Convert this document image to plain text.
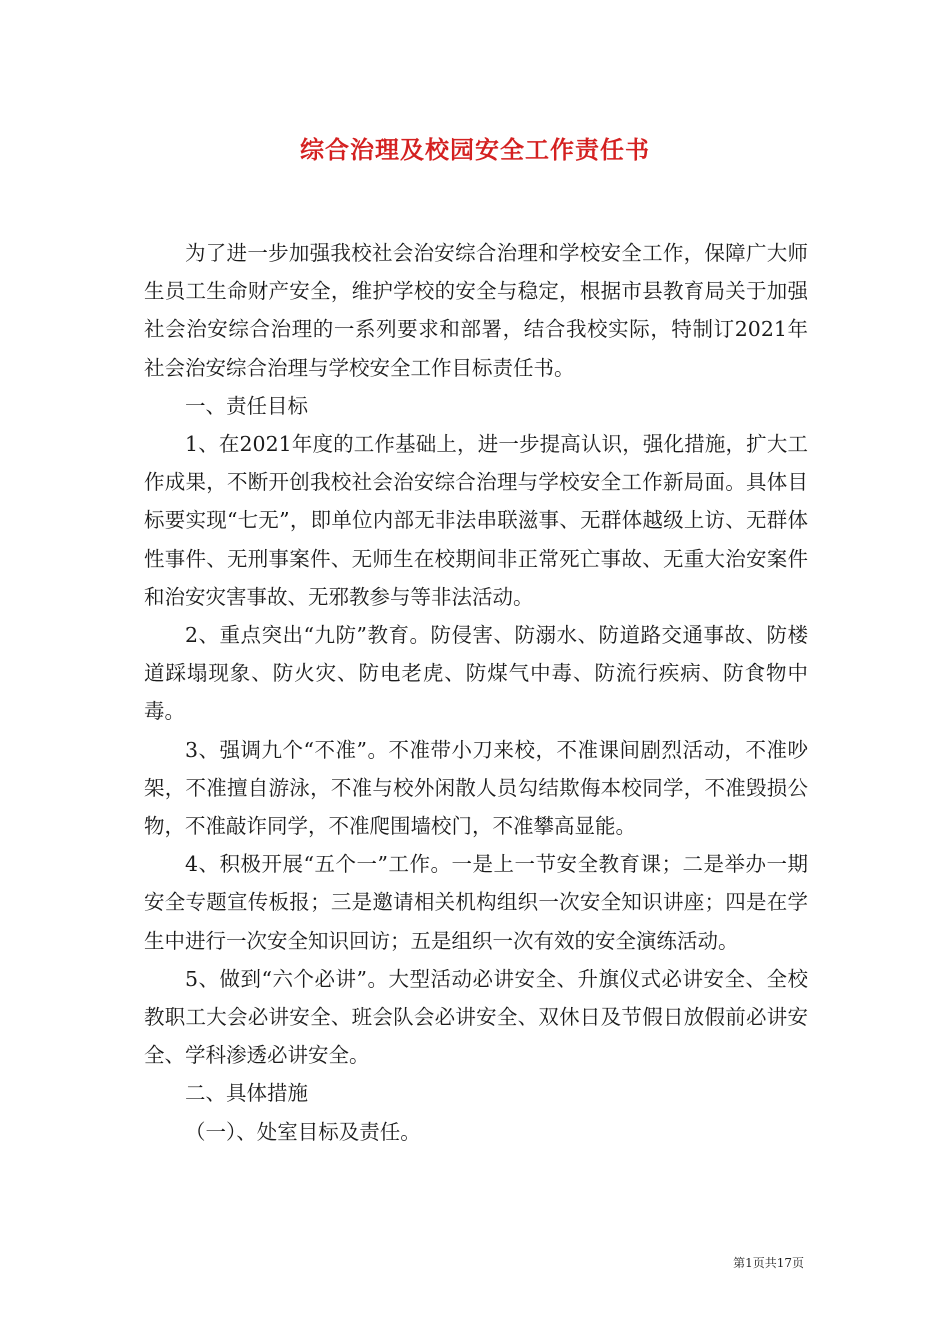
综合治理及校园安全工作责任书

为了进一步加强我校社会治安综合治理和学校安全工作，保障广大师生员工生命财产安全，维护学校的安全与稳定，根据市县教育局关于加强社会治安综合治理的一系列要求和部署，结合我校实际，特制订2021年社会治安综合治理与学校安全工作目标责任书。

一、责任目标

1、在2021年度的工作基础上，进一步提高认识，强化措施，扩大工作成果，不断开创我校社会治安综合治理与学校安全工作新局面。具体目标要实现“七无”，即单位内部无非法串联滋事、无群体越级上访、无群体性事件、无刑事案件、无师生在校期间非正常死亡事故、无重大治安案件和治安灾害事故、无邪教参与等非法活动。

2、重点突出“九防”教育。防侵害、防溺水、防道路交通事故、防楼道踩塌现象、防火灾、防电老虎、防煤气中毒、防流行疾病、防食物中毒。

3、强调九个“不准”。不准带小刀来校，不准课间剧烈活动，不准吵架，不准擅自游泳，不准与校外闲散人员勾结欺侮本校同学，不准毁损公物，不准敲诈同学，不准爬围墙校门，不准攀高显能。

4、积极开展“五个一”工作。一是上一节安全教育课；二是举办一期安全专题宣传板报；三是邀请相关机构组织一次安全知识讲座；四是在学生中进行一次安全知识回访；五是组织一次有效的安全演练活动。

5、做到“六个必讲”。大型活动必讲安全、升旗仪式必讲安全、全校教职工大会必讲安全、班会队会必讲安全、双休日及节假日放假前必讲安全、学科渗透必讲安全。

二、具体措施

（一）、处室目标及责任。

第1页共17页
